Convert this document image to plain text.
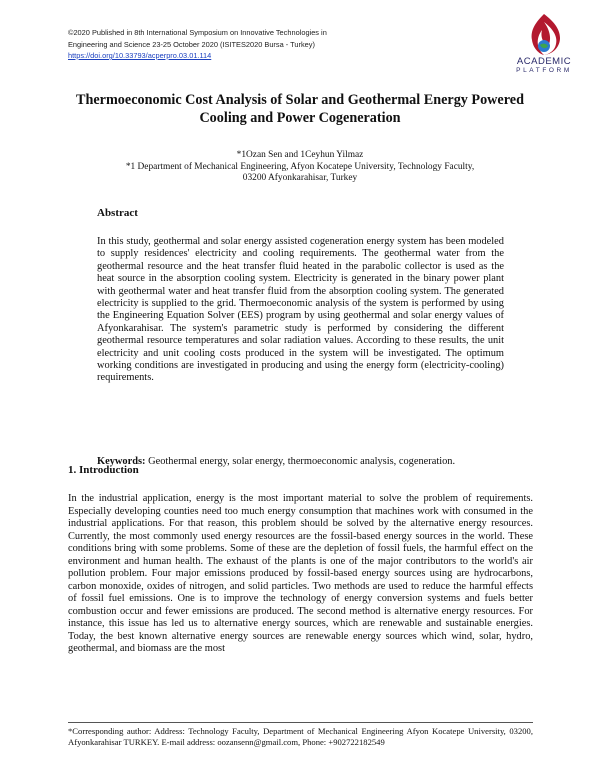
©2020 Published in 8th International Symposium on Innovative Technologies in
Engineering and Science 23-25 October 2020 (ISITES2020 Bursa - Turkey)
https://doi.org/10.33793/acperpro.03.01.114
ACADEMIC
PLATFORM
Thermoeconomic Cost Analysis of Solar and Geothermal Energy Powered Cooling and Power Cogeneration
*1Ozan Sen and 1Ceyhun Yilmaz
*1 Department of Mechanical Engineering, Afyon Kocatepe University, Technology Faculty,
03200 Afyonkarahisar, Turkey
Abstract
In this study, geothermal and solar energy assisted cogeneration energy system has been modeled to supply residences' electricity and cooling requirements. The geothermal water from the geothermal resource and the heat transfer fluid heated in the parabolic collector is used as the heat source in the absorption cooling system. Electricity is generated in the binary power plant with geothermal water and heat transfer fluid from the absorption cooling system. The generated electricity is supplied to the grid. Thermoeconomic analysis of the system is performed by using the Engineering Equation Solver (EES) program by using geothermal and solar energy values of Afyonkarahisar. The system's parametric study is performed by considering the different geothermal resource temperatures and solar radiation values. According to these results, the unit electricity and unit cooling costs produced in the system will be investigated. The optimum working conditions are investigated in producing and using the energy form (electricity-cooling) requirements.
Keywords: Geothermal energy, solar energy, thermoeconomic analysis, cogeneration.
1. Introduction
In the industrial application, energy is the most important material to solve the problem of requirements. Especially developing counties need too much energy consumption that machines work with consumed in the industrial applications. For that reason, this problem should be solved by the alternative energy resources. Currently, the most commonly used energy resources are the fossil-based energy sources in the world. These conditions bring with some problems. Some of these are the depletion of fossil fuels, the harmful effect on the environment and human health. The exhaust of the plants is one of the major contributors to the world's air pollution problem. Four major emissions produced by fossil-based energy sources using are hydrocarbons, carbon monoxide, oxides of nitrogen, and solid particles. Two methods are used to reduce the harmful effects of fossil fuel emissions. One is to improve the technology of energy conversion systems and fuels better combustion occur and fewer emissions are produced. The second method is alternative energy resources. For instance, this issue has led us to alternative energy sources, which are renewable and sustainable energies. Today, the best known alternative energy sources are renewable energy sources which wind, solar, hydro, geothermal, and biomass are the most
*Corresponding author: Address: Technology Faculty, Department of Mechanical Engineering Afyon Kocatepe University, 03200, Afyonkarahisar TURKEY. E-mail address: oozansenn@gmail.com, Phone: +902722182549
